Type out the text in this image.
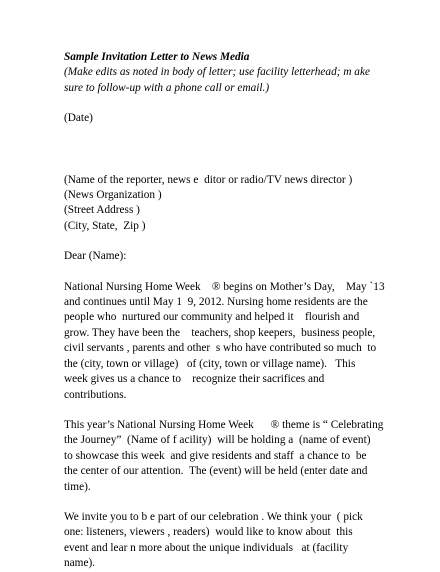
Sample Invitation Letter to News Media
(Make edits as noted in body of letter; use facility letterhead; m ake
sure to follow-up with a phone call or email.)
(Date)
(Name of the reporter, news e  ditor or radio/TV news director )
(News Organization )
(Street Address )
(City, State,  Zip )
Dear (Name):
National Nursing Home Week    ® begins on Mother’s Day,    May `13
and continues until May 1  9, 2012. Nursing home residents are the
people who  nurtured our community and helped it    flourish and
grow. They have been the    teachers, shop keepers,  business people,
civil servants , parents and other  s who have contributed so much  to
the (city, town or village)   of (city, town or village name).   This
week gives us a chance to    recognize their sacrifices and
contributions.
This year’s National Nursing Home Week      ® theme is “ Celebrating
the Journey”  (Name of f acility)  will be holding a  (name of event)
to showcase this week  and give residents and staff  a chance to  be
the center of our attention.  The (event) will be held (enter date and
time).
We invite you to b e part of our celebration . We think your  ( pick
one: listeners, viewers , readers)  would like to know about  this
event and lear n more about the unique individuals   at (facility
name).
